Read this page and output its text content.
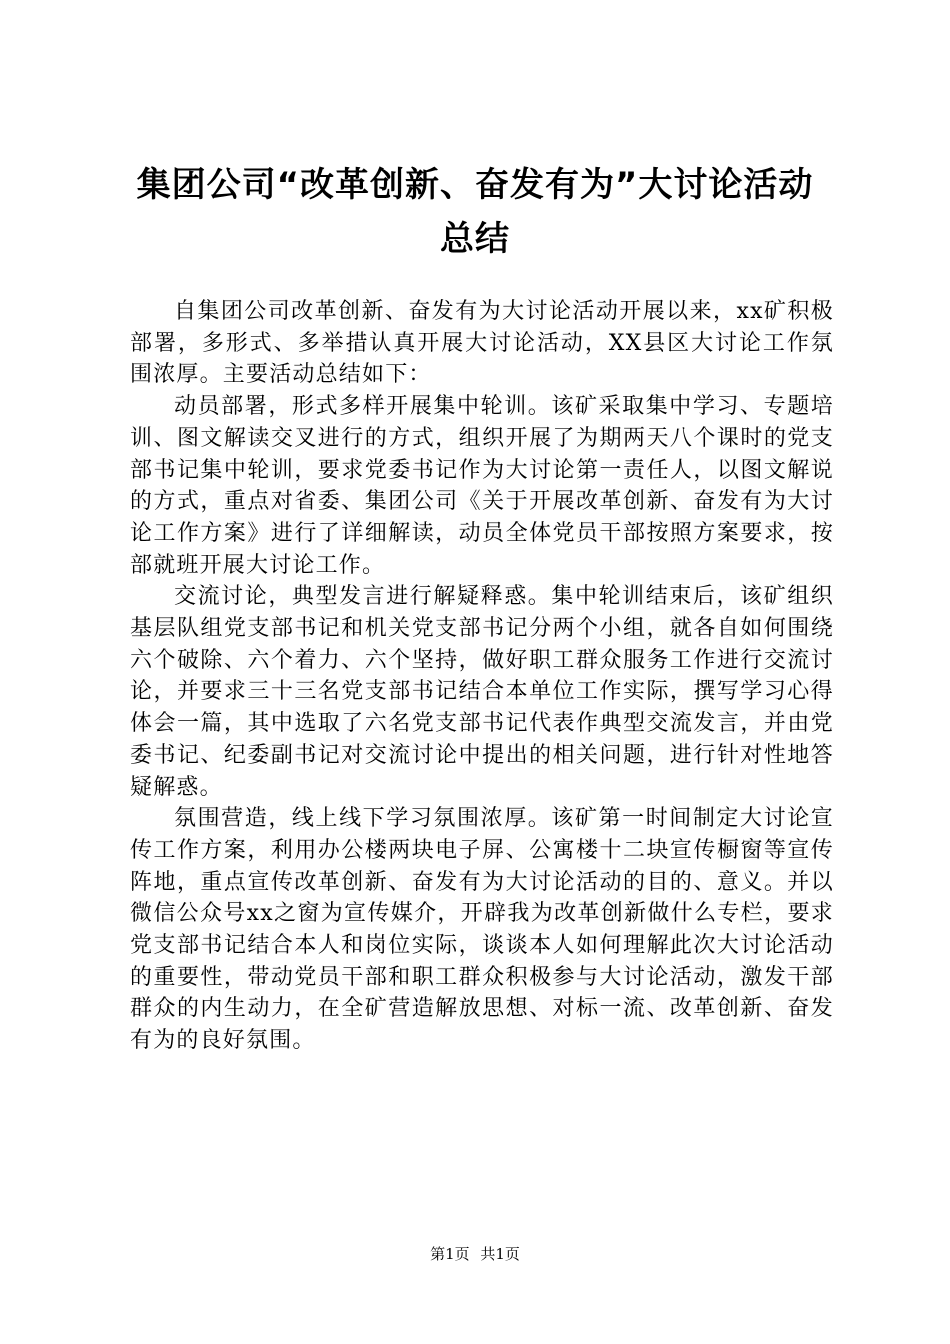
集团公司“改革创新、奋发有为”大讨论活动
总结

自集团公司改革创新、奋发有为大讨论活动开展以来，xx矿积极部署，多形式、多举措认真开展大讨论活动，XX县区大讨论工作氛围浓厚。主要活动总结如下：

动员部署，形式多样开展集中轮训。该矿采取集中学习、专题培训、图文解读交叉进行的方式，组织开展了为期两天八个课时的党支部书记集中轮训，要求党委书记作为大讨论第一责任人，以图文解说的方式，重点对省委、集团公司《关于开展改革创新、奋发有为大讨论工作方案》进行了详细解读，动员全体党员干部按照方案要求，按部就班开展大讨论工作。

交流讨论，典型发言进行解疑释惑。集中轮训结束后，该矿组织基层队组党支部书记和机关党支部书记分两个小组，就各自如何围绕六个破除、六个着力、六个坚持，做好职工群众服务工作进行交流讨论，并要求三十三名党支部书记结合本单位工作实际，撰写学习心得体会一篇，其中选取了六名党支部书记代表作典型交流发言，并由党委书记、纪委副书记对交流讨论中提出的相关问题，进行针对性地答疑解惑。

氛围营造，线上线下学习氛围浓厚。该矿第一时间制定大讨论宣传工作方案，利用办公楼两块电子屏、公寓楼十二块宣传橱窗等宣传阵地，重点宣传改革创新、奋发有为大讨论活动的目的、意义。并以微信公众号xx之窗为宣传媒介，开辟我为改革创新做什么专栏，要求党支部书记结合本人和岗位实际，谈谈本人如何理解此次大讨论活动的重要性，带动党员干部和职工群众积极参与大讨论活动，激发干部群众的内生动力，在全矿营造解放思想、对标一流、改革创新、奋发有为的良好氛围。

第1页 共1页
